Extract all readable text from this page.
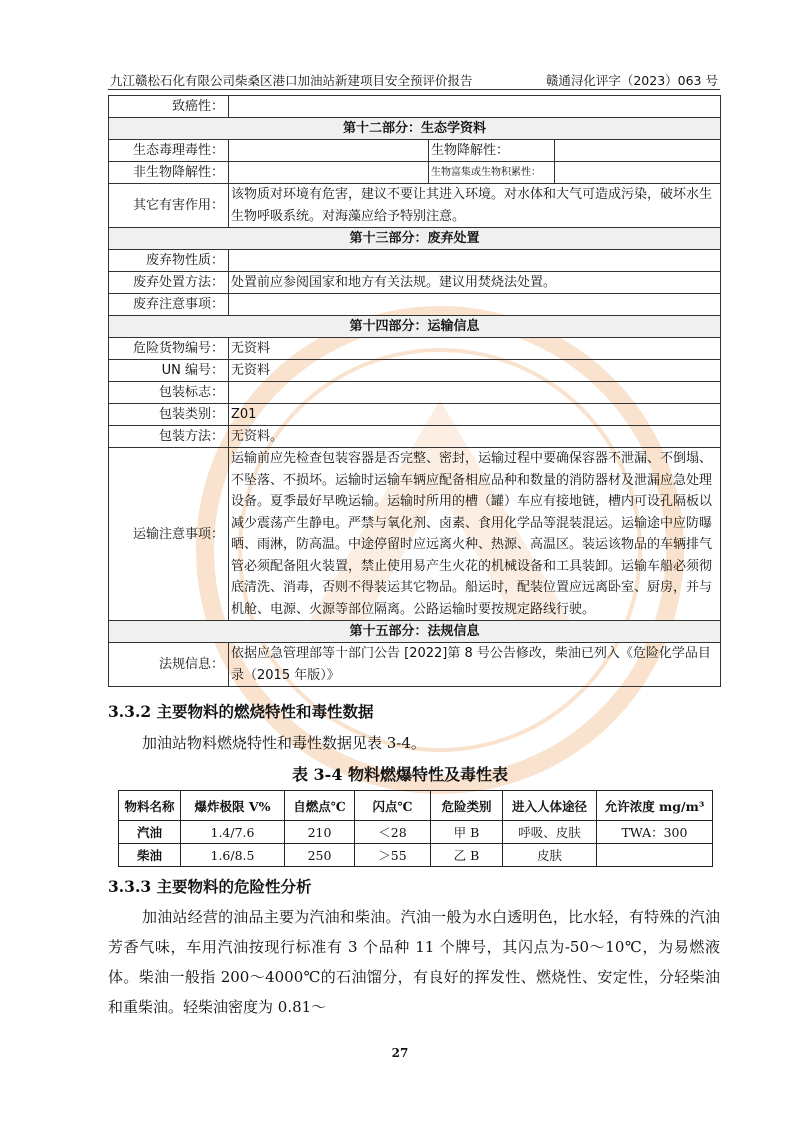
九江赣松石化有限公司柴桑区港口加油站新建项目安全预评价报告	赣通浔化评字（2023）063 号
致癌性：			
第十二部分：生态学资料			
生态毒理毒性：		生物降解性：	
非生物降解性：		生物富集或生物积累性：	
其它有害作用：	该物质对环境有危害，建议不要让其进入环境。对水体和大气可造成污染，破坏水生生物呼吸系统。对海藻应给予特别注意。		
第十三部分：废弃处置			
废弃物性质：			
废弃处置方法：	处置前应参阅国家和地方有关法规。建议用焚烧法处置。		
废弃注意事项：			
第十四部分：运输信息			
危险货物编号：	无资料		
UN 编号：	无资料		
包装标志：			
包装类别：	Z01		
包装方法：	无资料。		
运输注意事项：	运输前应先检查包装容器是否完整、密封，运输过程中要确保容器不泄漏、不倒塌、不坠落、不损坏。运输时运输车辆应配备相应品种和数量的消防器材及泄漏应急处理设备。夏季最好早晚运输。运输时所用的槽（罐）车应有接地链，槽内可设孔隔板以减少震荡产生静电。严禁与氧化剂、卤素、食用化学品等混装混运。运输途中应防曝晒、雨淋，防高温。中途停留时应远离火种、热源、高温区。装运该物品的车辆排气管必须配备阻火装置，禁止使用易产生火花的机械设备和工具装卸。运输车船必须彻底清洗、消毒，否则不得装运其它物品。船运时，配装位置应远离卧室、厨房，并与机舱、电源、火源等部位隔离。公路运输时要按规定路线行驶。		
第十五部分：法规信息			
法规信息：	依据应急管理部等十部门公告 [2022]第 8 号公告修改，柴油已列入《危险化学品目录（2015 年版）》		
3.3.2 主要物料的燃烧特性和毒性数据
加油站物料燃烧特性和毒性数据见表 3-4。
表 3-4 物料燃爆特性及毒性表
物料名称	爆炸极限 V%	自燃点℃	闪点℃	危险类别	进入人体途径	允许浓度 mg/m³
汽油	1.4/7.6	210	＜28	甲 B	呼吸、皮肤	TWA：300
柴油	1.6/8.5	250	＞55	乙 B	皮肤	
3.3.3 主要物料的危险性分析
加油站经营的油品主要为汽油和柴油。汽油一般为水白透明色，比水轻，有特殊的汽油芳香气味，车用汽油按现行标准有 3 个品种 11 个牌号，其闪点为-50～10℃，为易燃液体。柴油一般指 200～4000℃的石油馏分，有良好的挥发性、燃烧性、安定性，分轻柴油和重柴油。轻柴油密度为 0.81～
27
